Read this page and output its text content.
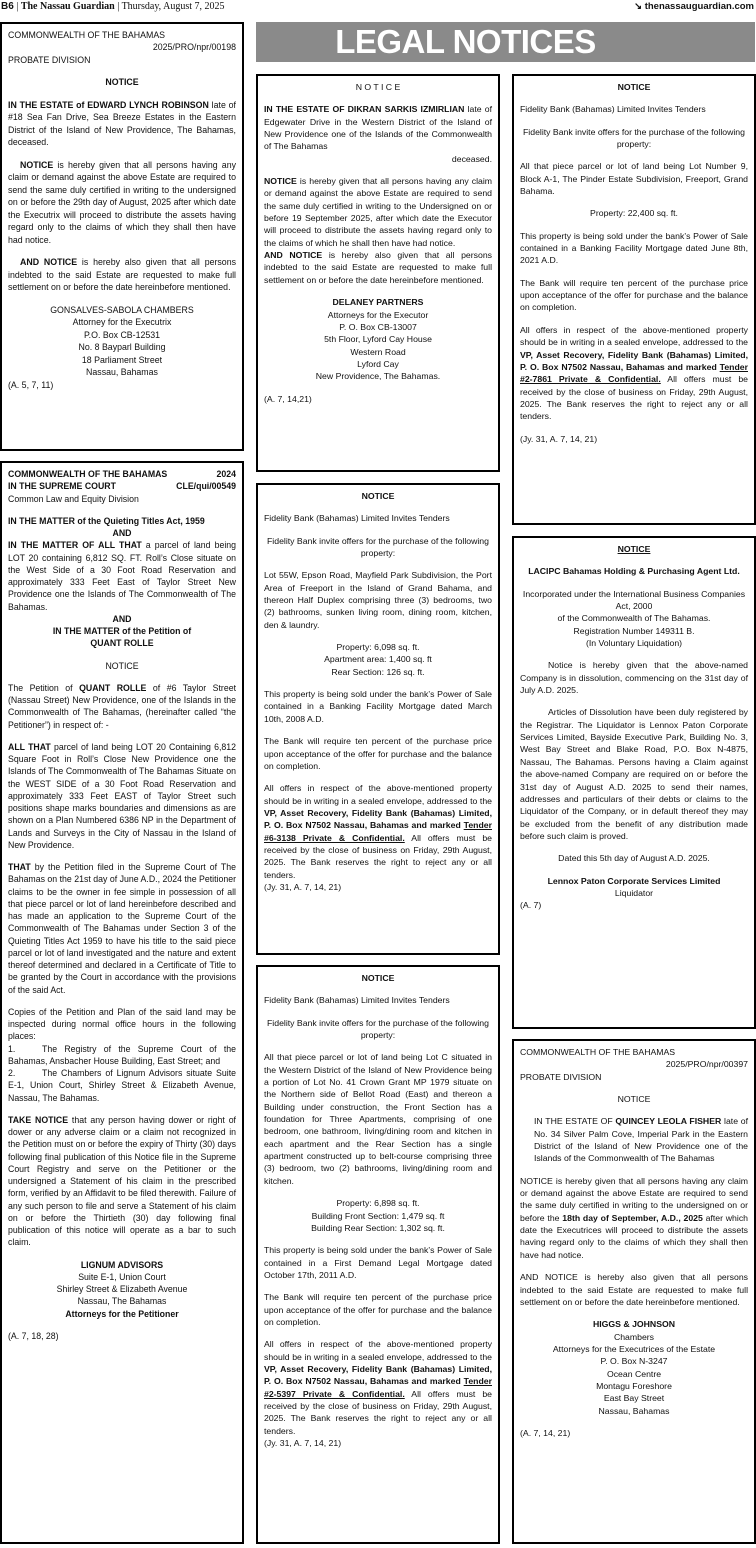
B6 | The Nassau Guardian | Thursday, August 7, 2025	↘ thenassauguardian.com
LEGAL NOTICES

COMMONWEALTH OF THE BAHAMAS

2025/PRO/npr/00198

PROBATE DIVISION

NOTICE

IN THE ESTATE of EDWARD LYNCH ROBINSON late of #18 Sea Fan Drive, Sea Breeze Estates in the Eastern District of the Island of New Providence, The Bahamas, deceased.

NOTICE is hereby given that all persons having any claim or demand against the above Estate are required to send the same duly certified in writing to the undersigned on or before the 29th day of August, 2025 after which date the Executrix will proceed to distribute the assets having regard only to the claims of which they shall then have had notice.

AND NOTICE is hereby also given that all persons indebted to the said Estate are requested to make full settlement on or before the date hereinbefore mentioned.

GONSALVES-SABOLA CHAMBERS

Attorney for the Executrix

P.O. Box CB-12531

No. 8 Bayparl Building

18 Parliament Street

Nassau, Bahamas

(A. 5, 7, 11)

COMMONWEALTH OF THE BAHAMAS	2024

IN THE SUPREME COURT	CLE/qui/00549

Common Law and Equity Division

IN THE MATTER of the Quieting Titles Act, 1959

AND

IN THE MATTER OF ALL THAT a parcel of land being LOT 20 containing 6,812 SQ. FT. Roll’s Close situate on the West Side of a 30 Foot Road Reservation and approximately 333 Feet East of Taylor Street New Providence one the Islands of The Commonwealth of The Bahamas.

AND

IN THE MATTER of the Petition of

QUANT ROLLE

NOTICE

The Petition of QUANT ROLLE of #6 Taylor Street (Nassau Street) New Providence, one of the Islands in the Commonwealth of The Bahamas, (hereinafter called “the Petitioner”) in respect of: -

ALL THAT parcel of land being LOT 20 Containing 6,812 Square Foot in Roll’s Close New Providence one the Islands of The Commonwealth of The Bahamas Situate on the WEST SIDE of a 30 Foot Road Reservation and approximately 333 Feet EAST of Taylor Street such positions shape marks boundaries and dimensions as are shown on a Plan Numbered 6386 NP in the Department of Lands and Surveys in the City of Nassau in the Island of New Providence.

THAT by the Petition filed in the Supreme Court of The Bahamas on the 21st day of June A.D., 2024 the Petitioner claims to be the owner in fee simple in possession of all that piece parcel or lot of land hereinbefore described and has made an application to the Supreme Court of the Commonwealth of The Bahamas under Section 3 of the Quieting Titles Act 1959 to have his title to the said piece parcel or lot of land investigated and the nature and extent thereof determined and declared in a Certificate of Title to be granted by the Court in accordance with the provisions of the said Act.

Copies of the Petition and Plan of the said land may be inspected during normal office hours in the following places:

1.	The Registry of the Supreme Court of the Bahamas, Ansbacher House Building, East Street; and

2.	The Chambers of Lignum Advisors situate Suite E-1, Union Court, Shirley Street & Elizabeth Avenue, Nassau, The Bahamas.

TAKE NOTICE that any person having dower or right of dower or any adverse claim or a claim not recognized in the Petition must on or before the expiry of Thirty (30) days following final publication of this Notice file in the Supreme Court Registry and serve on the Petitioner or the undersigned a Statement of his claim in the prescribed form, verified by an Affidavit to be filed therewith. Failure of any such person to file and serve a Statement of his claim on or before the Thirtieth (30) day following final publication of this notice will operate as a bar to such claim.

LIGNUM ADVISORS

Suite E-1, Union Court

Shirley Street & Elizabeth Avenue

Nassau, The Bahamas

Attorneys for the Petitioner

(A. 7, 18, 28)

N O T I C E

IN THE ESTATE OF DIKRAN SARKIS IZMIRLIAN late of Edgewater Drive in the Western District of the Island of New Providence one of the Islands of the Commonwealth of The Bahamas

deceased.

NOTICE is hereby given that all persons having any claim or demand against the above Estate are required to send the same duly certified in writing to the Undersigned on or before 19 September 2025, after which date the Executor will proceed to distribute the assets having regard only to the claims of which he shall then have had notice.

AND NOTICE is hereby also given that all persons indebted to the said Estate are requested to make full settlement on or before the date hereinbefore mentioned.

DELANEY PARTNERS

Attorneys for the Executor

P. O. Box CB-13007

5th Floor, Lyford Cay House

Western Road

Lyford Cay

New Providence, The Bahamas.

(A. 7, 14,21)

NOTICE

Fidelity Bank (Bahamas) Limited Invites Tenders

Fidelity Bank invite offers for the purchase of the following property:

Lot 55W, Epson Road, Mayfield Park Subdivision, the Port Area of Freeport in the Island of Grand Bahama, and thereon Half Duplex comprising three (3) bedrooms, two (2) bathrooms, sunken living room, dining room, kitchen, den & laundry.

Property: 6,098 sq. ft.

Apartment area: 1,400 sq. ft

Rear Section: 126 sq. ft.

This property is being sold under the bank’s Power of Sale contained in a Banking Facility Mortgage dated March 10th, 2008 A.D.

The Bank will require ten percent of the purchase price upon acceptance of the offer for purchase and the balance on completion.

All offers in respect of the above-mentioned property should be in writing in a sealed envelope, addressed to the VP, Asset Recovery, Fidelity Bank (Bahamas) Limited, P. O. Box N7502 Nassau, Bahamas and marked Tender #6-3138 Private & Confidential. All offers must be received by the close of business on Friday, 29th August, 2025. The Bank reserves the right to reject any or all tenders.

(Jy. 31, A. 7, 14, 21)

NOTICE

Fidelity Bank (Bahamas) Limited Invites Tenders

Fidelity Bank invite offers for the purchase of the following property:

All that piece parcel or lot of land being Lot C situated in the Western District of the Island of New Providence being a portion of Lot No. 41 Crown Grant MP 1979 situate on the Northern side of Bellot Road (East) and thereon a Building under construction, the Front Section has a foundation for Three Apartments, comprising of one bedroom, one bathroom, living/dining room and kitchen in each apartment and the Rear Section has a single apartment constructed up to belt-course comprising three (3) bedroom, two (2) bathrooms, living/dining room and kitchen.

Property: 6,898 sq. ft.

Building Front Section: 1,479 sq. ft

Building Rear Section: 1,302 sq. ft.

This property is being sold under the bank’s Power of Sale contained in a First Demand Legal Mortgage dated October 17th, 2011 A.D.

The Bank will require ten percent of the purchase price upon acceptance of the offer for purchase and the balance on completion.

All offers in respect of the above-mentioned property should be in writing in a sealed envelope, addressed to the VP, Asset Recovery, Fidelity Bank (Bahamas) Limited, P. O. Box N7502 Nassau, Bahamas and marked Tender #2-5397 Private & Confidential. All offers must be received by the close of business on Friday, 29th August, 2025. The Bank reserves the right to reject any or all tenders.

(Jy. 31, A. 7, 14, 21)

NOTICE

Fidelity Bank (Bahamas) Limited Invites Tenders

Fidelity Bank invite offers for the purchase of the following property:

All that piece parcel or lot of land being Lot Number 9, Block A-1, The Pinder Estate Subdivision, Freeport, Grand Bahama.

Property: 22,400 sq. ft.

This property is being sold under the bank’s Power of Sale contained in a Banking Facility Mortgage dated June 8th, 2021 A.D.

The Bank will require ten percent of the purchase price upon acceptance of the offer for purchase and the balance on completion.

All offers in respect of the above-mentioned property should be in writing in a sealed envelope, addressed to the VP, Asset Recovery, Fidelity Bank (Bahamas) Limited, P. O. Box N7502 Nassau, Bahamas and marked Tender #2-7861 Private & Confidential. All offers must be received by the close of business on Friday, 29th August, 2025. The Bank reserves the right to reject any or all tenders.

(Jy. 31, A. 7, 14, 21)

NOTICE

LACIPC Bahamas Holding & Purchasing Agent Ltd.

Incorporated under the International Business Companies Act, 2000

of the Commonwealth of The Bahamas.

Registration Number 149311 B.

(In Voluntary Liquidation)

Notice is hereby given that the above-named Company is in dissolution, commencing on the 31st day of July A.D. 2025.

Articles of Dissolution have been duly registered by the Registrar. The Liquidator is Lennox Paton Corporate Services Limited, Bayside Executive Park, Building No. 3, West Bay Street and Blake Road, P.O. Box N-4875, Nassau, The Bahamas. Persons having a Claim against the above-named Company are required on or before the 31st day of August A.D. 2025 to send their names, addresses and particulars of their debts or claims to the Liquidator of the Company, or in default thereof they may be excluded from the benefit of any distribution made before such claim is proved.

Dated this 5th day of August A.D. 2025.

Lennox Paton Corporate Services Limited

Liquidator

(A. 7)

COMMONWEALTH OF THE BAHAMAS

2025/PRO/npr/00397

PROBATE DIVISION

NOTICE

IN THE ESTATE OF QUINCEY LEOLA FISHER late of No. 34 Silver Palm Cove, Imperial Park in the Eastern District of the Island of New Providence one of the Islands of the Commonwealth of The Bahamas

NOTICE is hereby given that all persons having any claim or demand against the above Estate are required to send the same duly certified in writing to the undersigned on or before the 18th day of September, A.D., 2025 after which date the Executrices will proceed to distribute the assets having regard only to the claims of which they shall then have had notice.

AND NOTICE is hereby also given that all persons indebted to the said Estate are requested to make full settlement on or before the date hereinbefore mentioned.

HIGGS & JOHNSON

Chambers

Attorneys for the Executrices of the Estate

P. O. Box N-3247

Ocean Centre

Montagu Foreshore

East Bay Street

Nassau, Bahamas

(A. 7, 14, 21)
